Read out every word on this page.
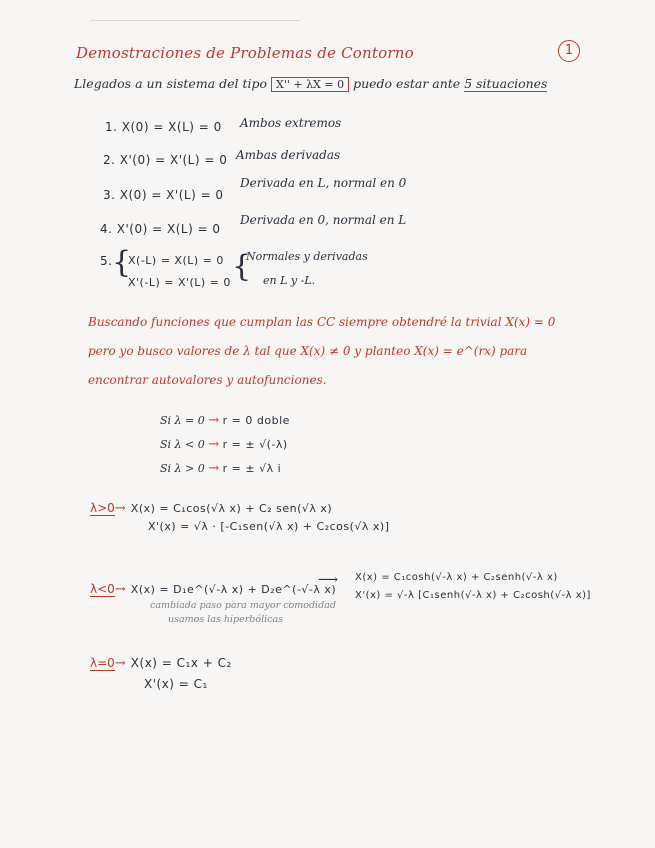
1
Demostraciones de Problemas de Contorno
Llegados a un sistema del tipo X'' + λX = 0 puedo estar ante 5 situaciones
1. X(0) = X(L) = 0 Ambos extremos
2. X'(0) = X'(L) = 0 Ambas derivadas
3. X(0) = X'(L) = 0
Derivada en L, normal en 0
4. X'(0) = X(L) = 0
Derivada en 0, normal en L
5. {
X(-L) = X(L) = 0
X'(-L) = X'(L) = 0 {
Normales y derivadas
en L y -L.
Buscando funciones que cumplan las CC siempre obtendré la trivial X(x) = 0
pero yo busco valores de λ tal que X(x) ≠ 0 y planteo X(x) = e^(rx) para
encontrar autovalores y autofunciones.
Si λ = 0 → r = 0 doble
Si λ < 0 → r = ± √(-λ)
Si λ > 0 → r = ± √λ i
λ>0→ X(x) = C₁cos(√λ x) + C₂ sen(√λ x)
X'(x) = √λ · [-C₁sen(√λ x) + C₂cos(√λ x)]
λ<0→ X(x) = D₁e^(√-λ x) + D₂e^(-√-λ x)
cambiada paso para mayor comodidad
usamos las hiperbólicas
⟶ X(x) = C₁cosh(√-λ x) + C₂senh(√-λ x)
X'(x) = √-λ [C₁senh(√-λ x) + C₂cosh(√-λ x)]
λ=0→ X(x) = C₁x + C₂
X'(x) = C₁
